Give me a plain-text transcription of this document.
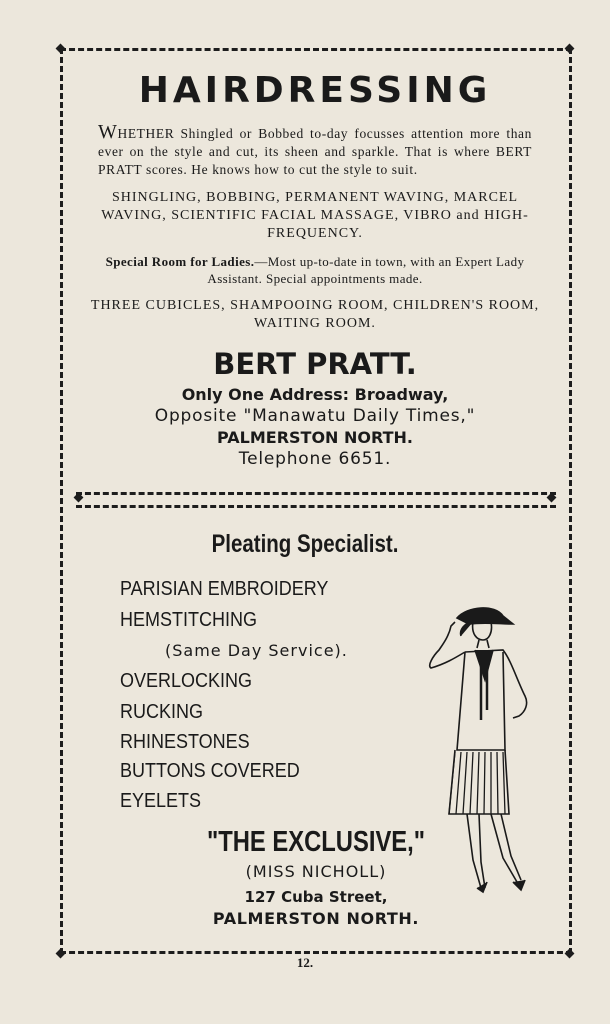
HAIRDRESSING

WHETHER Shingled or Bobbed to-day focusses attention more than ever on the style and cut, its sheen and sparkle. That is where BERT PRATT scores. He knows how to cut the style to suit.

SHINGLING, BOBBING, PERMANENT WAVING, MARCEL WAVING, SCIENTIFIC FACIAL MASSAGE, VIBRO and HIGH-FREQUENCY.

Special Room for Ladies.—Most up-to-date in town, with an Expert Lady Assistant. Special appointments made.

THREE CUBICLES, SHAMPOOING ROOM, CHILDREN'S ROOM, WAITING ROOM.

BERT PRATT.
Only One Address: Broadway,
Opposite "Manawatu Daily Times,"
PALMERSTON NORTH.
Telephone 6651.
Pleating Specialist.
PARISIAN EMBROIDERY
HEMSTITCHING
(Same Day Service).
OVERLOCKING
RUCKING
RHINESTONES
BUTTONS COVERED
EYELETS
"THE EXCLUSIVE,"
(MISS NICHOLL)
127 Cuba Street,
PALMERSTON NORTH.
12.
